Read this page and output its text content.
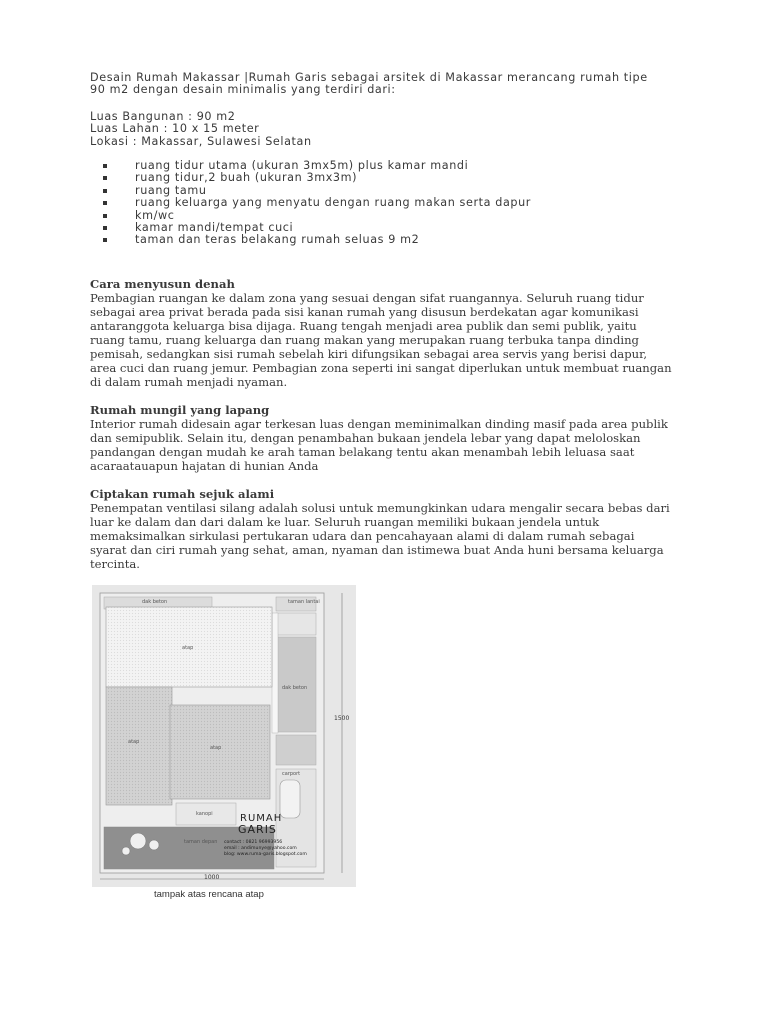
Desain Rumah Makassar |Rumah Garis sebagai arsitek di Makassar merancang rumah tipe

90 m2 dengan desain minimalis yang terdiri dari:

Luas Bangunan : 90 m2
Luas Lahan : 10 x 15 meter
Lokasi : Makassar, Sulawesi Selatan
ruang tidur utama (ukuran 3mx5m) plus kamar mandi
ruang tidur,2 buah (ukuran 3mx3m)
ruang tamu
ruang keluarga yang menyatu dengan ruang makan serta dapur
km/wc
kamar mandi/tempat cuci
taman dan teras belakang rumah seluas 9 m2
Cara menyusun denah

Pembagian ruangan ke dalam zona yang sesuai dengan sifat ruangannya. Seluruh ruang tidur

sebagai area privat berada pada sisi kanan rumah yang disusun berdekatan agar komunikasi

antaranggota keluarga bisa dijaga. Ruang tengah menjadi area publik dan semi publik, yaitu

ruang tamu, ruang keluarga dan ruang makan yang merupakan ruang terbuka tanpa dinding

pemisah, sedangkan sisi rumah sebelah kiri difungsikan sebagai area servis yang berisi dapur,

area cuci dan ruang jemur. Pembagian zona seperti ini sangat diperlukan untuk membuat ruangan

di dalam rumah menjadi nyaman.

Rumah mungil yang lapang

Interior rumah didesain agar terkesan luas dengan meminimalkan dinding masif pada area publik

dan semipublik. Selain itu, dengan penambahan bukaan jendela lebar yang dapat meloloskan

pandangan dengan mudah ke arah taman belakang tentu akan menambah lebih leluasa saat

acaraatauapun hajatan di hunian Anda

Ciptakan rumah sejuk alami

Penempatan ventilasi silang adalah solusi untuk memungkinkan udara mengalir secara bebas dari

luar ke dalam dan dari dalam ke luar. Seluruh ruangan memiliki bukaan jendela untuk

memaksimalkan sirkulasi pertukaran udara dan pencahayaan alami di dalam rumah sebagai

syarat dan ciri rumah yang sehat, aman, nyaman dan istimewa buat Anda huni bersama keluarga

tercinta.

dak beton	taman lantai
atap
dak beton
atap
atap
carport
kanopi
taman depan
1500
1000
RUMAH
GARIS
contact : 0821 96993956
email : andimunye@yahoo.com
blog: www.ruma-garis.blogspot.com
tampak atas rencana atap
